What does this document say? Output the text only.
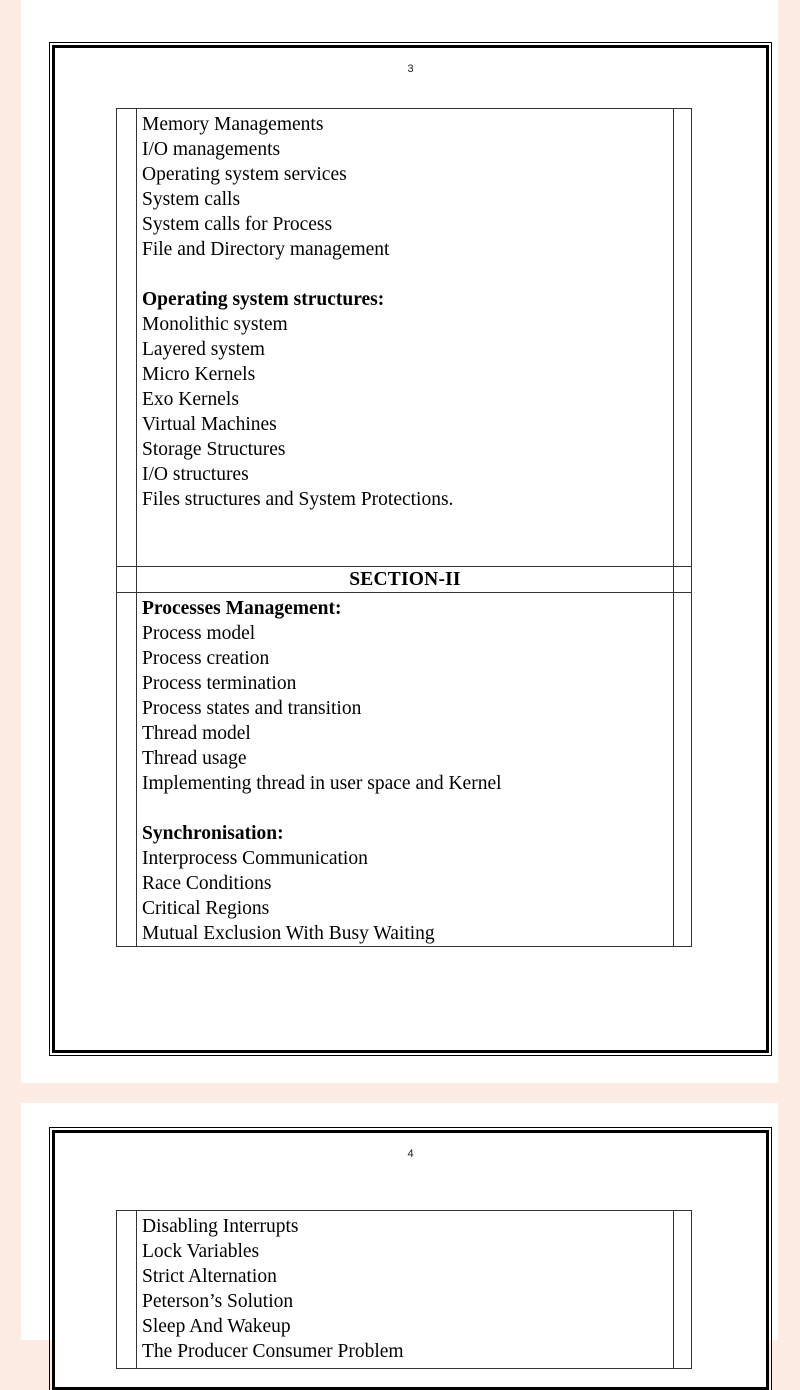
3

Memory Managements
I/O managements
Operating system services
System calls
System calls for Process
File and Directory management

Operating system structures:
Monolithic system
Layered system
Micro Kernels
Exo Kernels
Virtual Machines
Storage Structures
I/O structures
Files structures and System Protections.

	SECTION-II	

Processes Management:
Process model
Process creation
Process termination
Process states and transition
Thread model
Thread usage
Implementing thread in user space and Kernel

Synchronisation:
Interprocess Communication
Race Conditions
Critical Regions
Mutual Exclusion With Busy Waiting

4

Disabling Interrupts
Lock Variables
Strict Alternation
Peterson’s Solution
Sleep And Wakeup
The Producer Consumer Problem
